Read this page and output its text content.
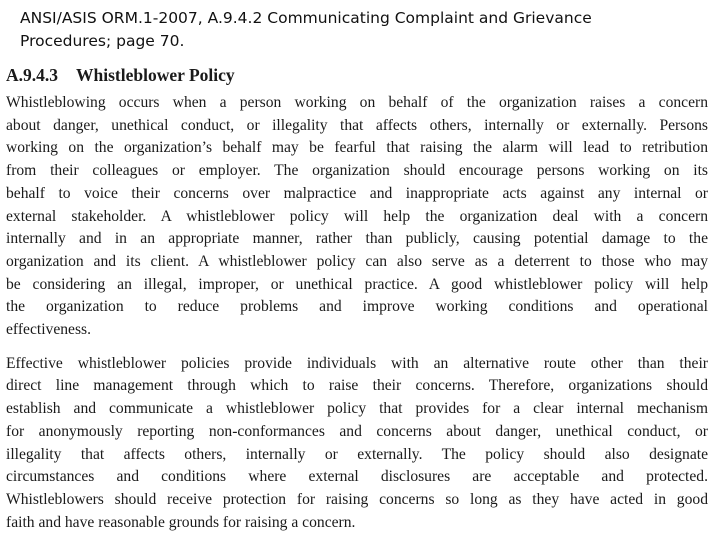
ANSI/ASIS ORM.1-2007, A.9.4.2 Communicating Complaint and Grievance
Procedures; page 70.
A.9.4.3 Whistleblower Policy
Whistleblowing occurs when a person working on behalf of the organization raises a concern
about danger, unethical conduct, or illegality that affects others, internally or externally. Persons
working on the organization’s behalf may be fearful that raising the alarm will lead to retribution
from their colleagues or employer. The organization should encourage persons working on its
behalf to voice their concerns over malpractice and inappropriate acts against any internal or
external stakeholder. A whistleblower policy will help the organization deal with a concern
internally and in an appropriate manner, rather than publicly, causing potential damage to the
organization and its client. A whistleblower policy can also serve as a deterrent to those who may
be considering an illegal, improper, or unethical practice. A good whistleblower policy will help
the organization to reduce problems and improve working conditions and operational
effectiveness.
Effective whistleblower policies provide individuals with an alternative route other than their
direct line management through which to raise their concerns. Therefore, organizations should
establish and communicate a whistleblower policy that provides for a clear internal mechanism
for anonymously reporting non-conformances and concerns about danger, unethical conduct, or
illegality that affects others, internally or externally. The policy should also designate
circumstances and conditions where external disclosures are acceptable and protected.
Whistleblowers should receive protection for raising concerns so long as they have acted in good
faith and have reasonable grounds for raising a concern.
